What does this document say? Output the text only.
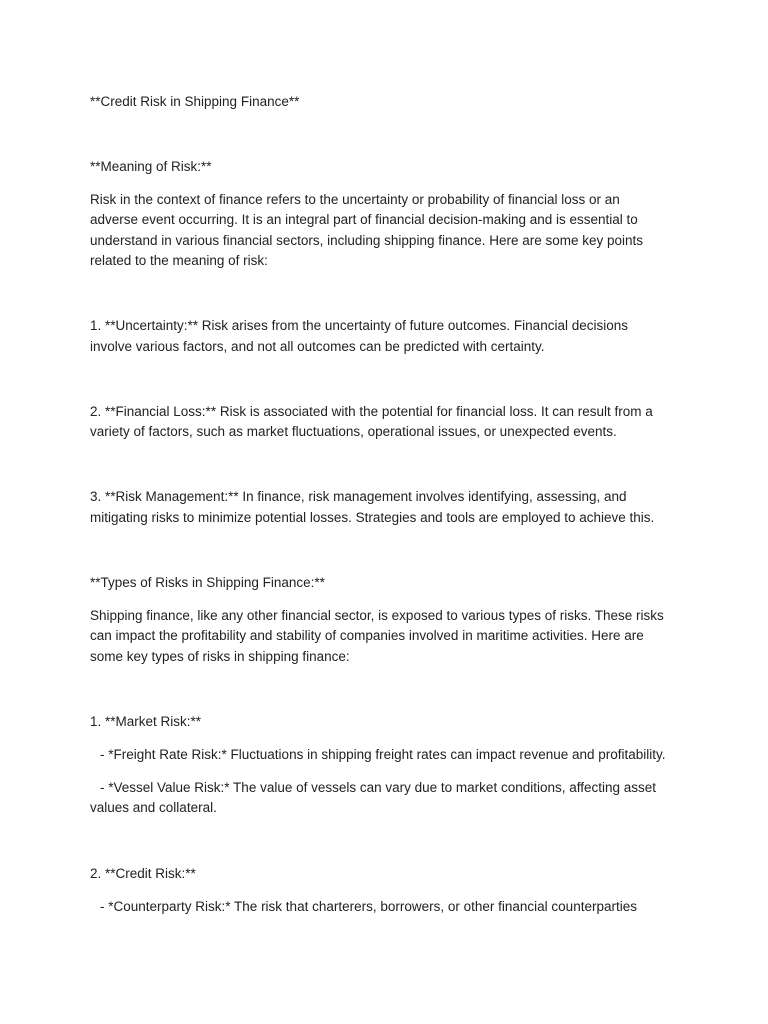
**Credit Risk in Shipping Finance**

**Meaning of Risk:**

Risk in the context of finance refers to the uncertainty or probability of financial loss or an

adverse event occurring. It is an integral part of financial decision-making and is essential to

understand in various financial sectors, including shipping finance. Here are some key points

related to the meaning of risk:

1. **Uncertainty:** Risk arises from the uncertainty of future outcomes. Financial decisions

involve various factors, and not all outcomes can be predicted with certainty.

2. **Financial Loss:** Risk is associated with the potential for financial loss. It can result from a

variety of factors, such as market fluctuations, operational issues, or unexpected events.

3. **Risk Management:** In finance, risk management involves identifying, assessing, and

mitigating risks to minimize potential losses. Strategies and tools are employed to achieve this.

**Types of Risks in Shipping Finance:**

Shipping finance, like any other financial sector, is exposed to various types of risks. These risks

can impact the profitability and stability of companies involved in maritime activities. Here are

some key types of risks in shipping finance:

1. **Market Risk:**

- *Freight Rate Risk:* Fluctuations in shipping freight rates can impact revenue and profitability.

- *Vessel Value Risk:* The value of vessels can vary due to market conditions, affecting asset

values and collateral.

2. **Credit Risk:**

- *Counterparty Risk:* The risk that charterers, borrowers, or other financial counterparties
